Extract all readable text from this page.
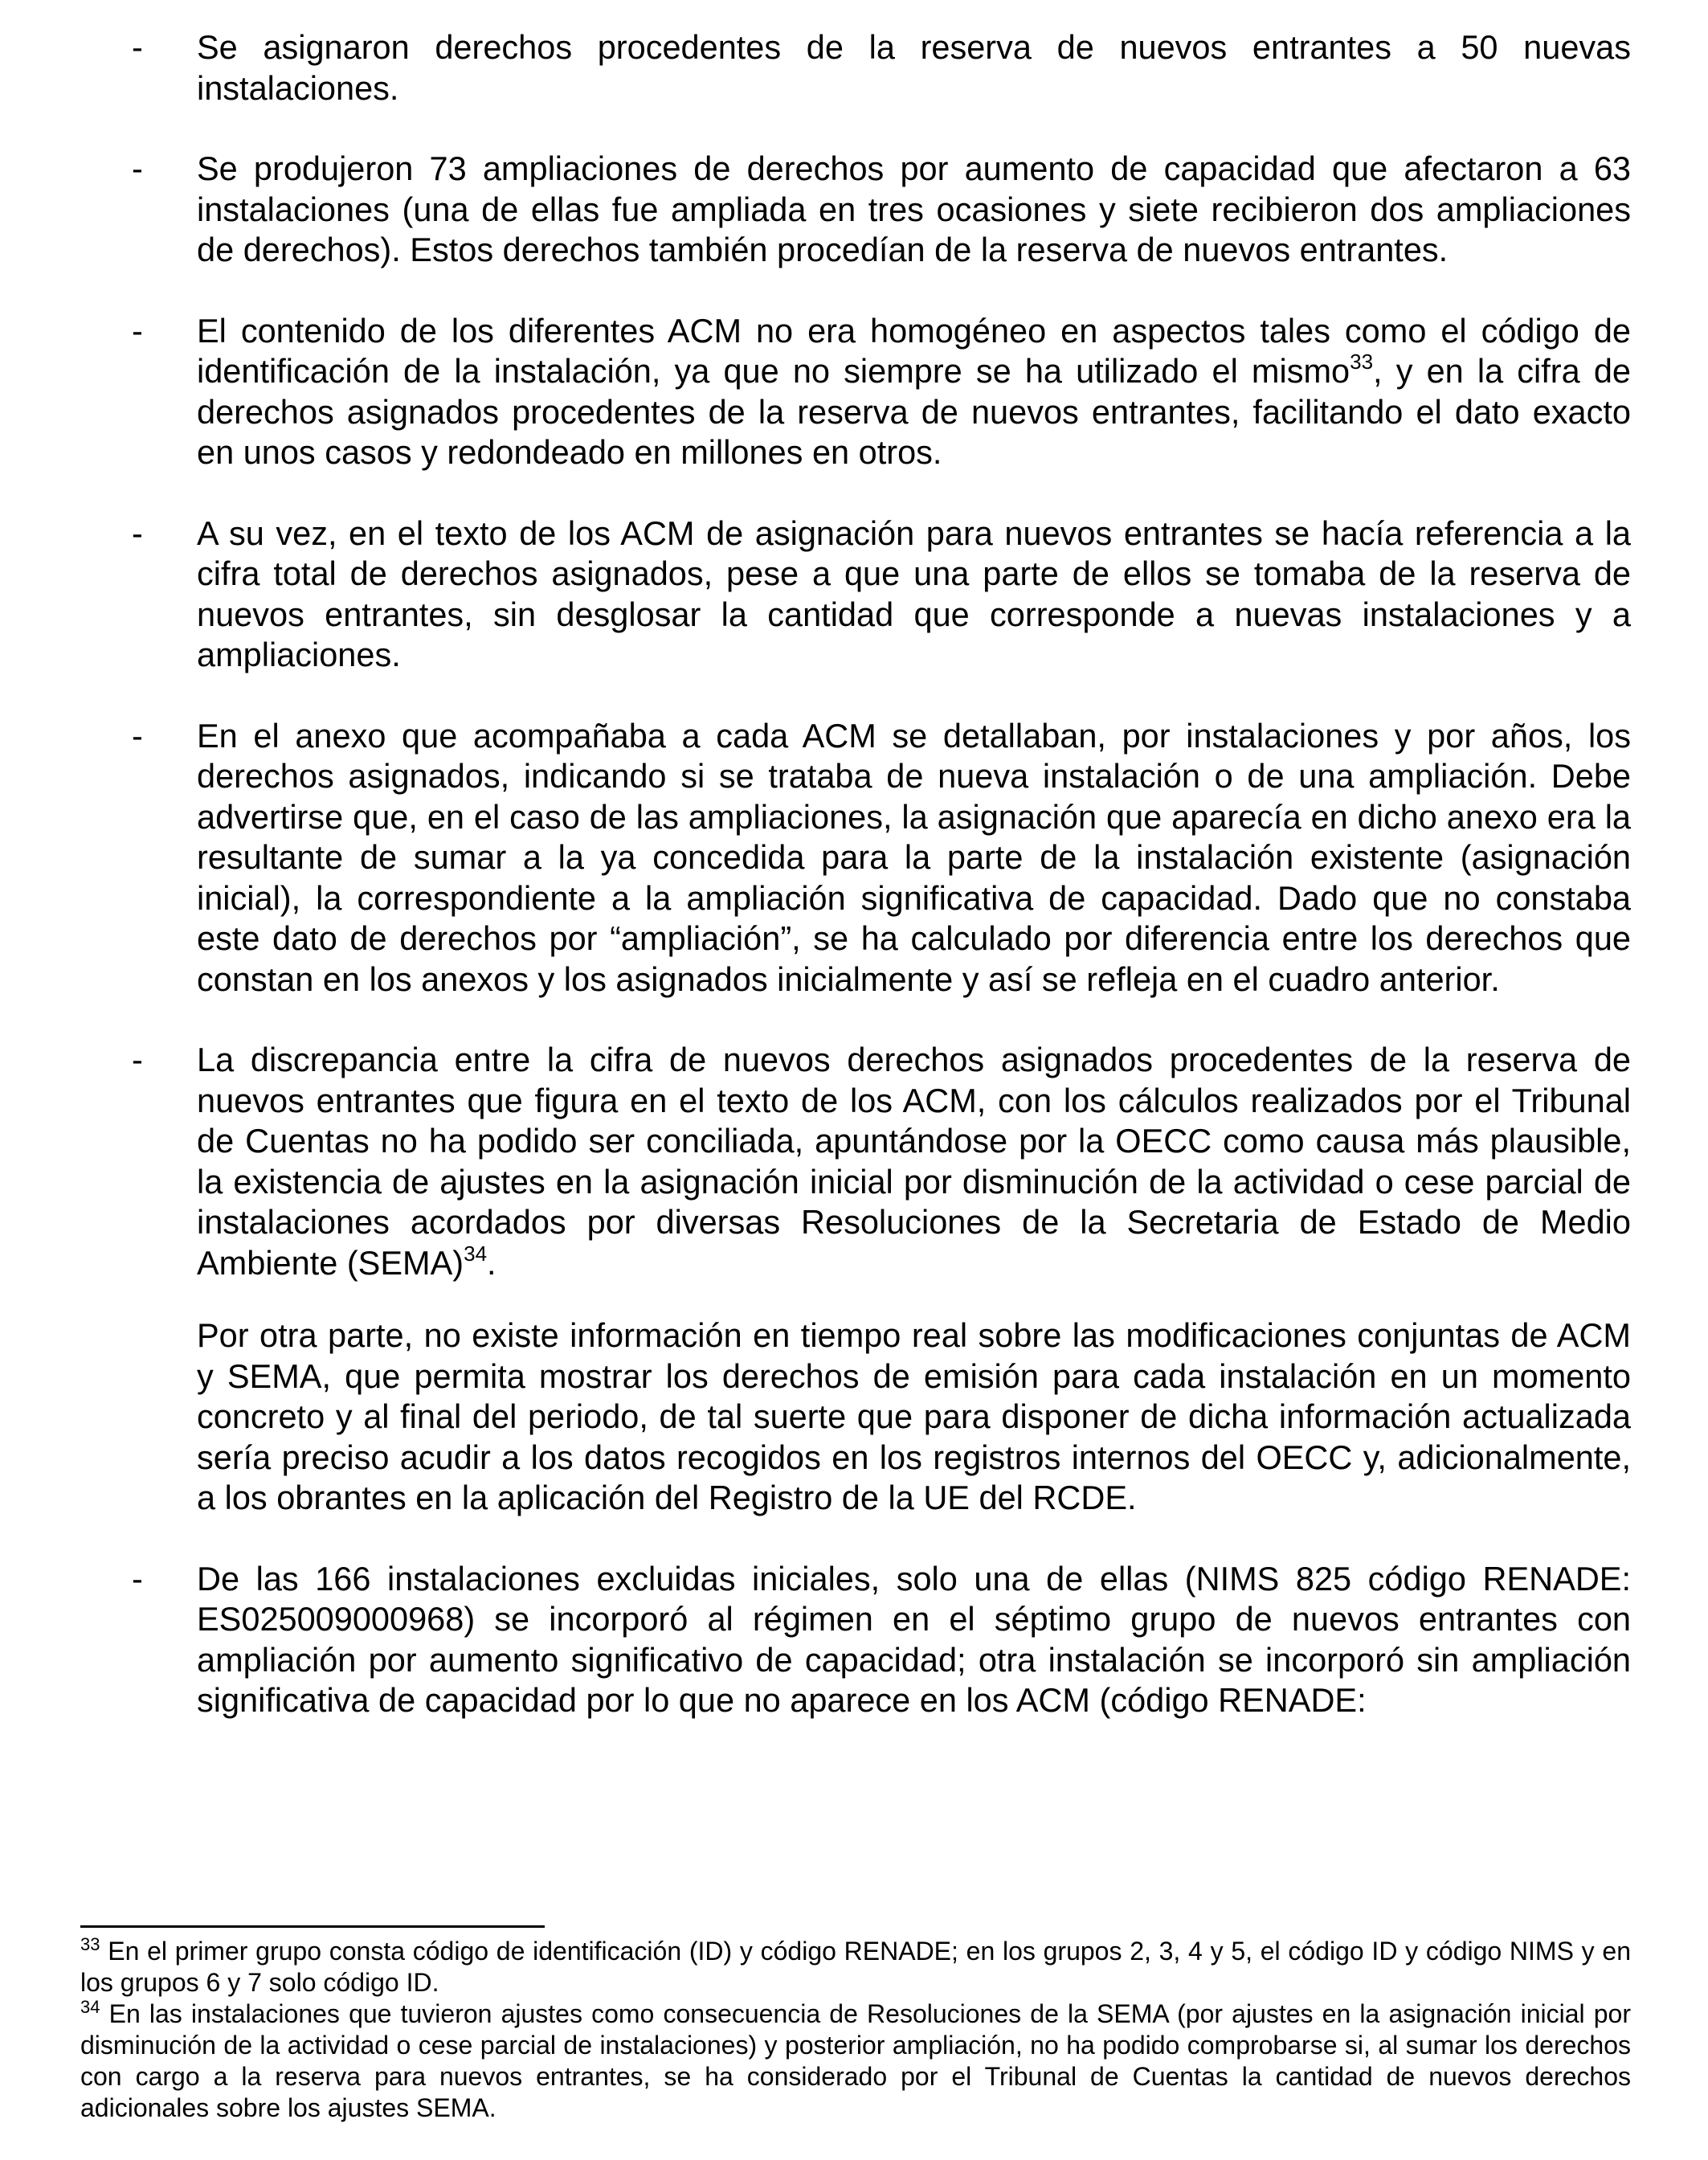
- Se asignaron derechos procedentes de la reserva de nuevos entrantes a 50 nuevas instalaciones.

- Se produjeron 73 ampliaciones de derechos por aumento de capacidad que afectaron a 63 instalaciones (una de ellas fue ampliada en tres ocasiones y siete recibieron dos ampliaciones de derechos). Estos derechos también procedían de la reserva de nuevos entrantes.

- El contenido de los diferentes ACM no era homogéneo en aspectos tales como el código de identificación de la instalación, ya que no siempre se ha utilizado el mismo$^{33}$, y en la cifra de derechos asignados procedentes de la reserva de nuevos entrantes, facilitando el dato exacto en unos casos y redondeado en millones en otros.

- A su vez, en el texto de los ACM de asignación para nuevos entrantes se hacía referencia a la cifra total de derechos asignados, pese a que una parte de ellos se tomaba de la reserva de nuevos entrantes, sin desglosar la cantidad que corresponde a nuevas instalaciones y a ampliaciones.

- En el anexo que acompañaba a cada ACM se detallaban, por instalaciones y por años, los derechos asignados, indicando si se trataba de nueva instalación o de una ampliación. Debe advertirse que, en el caso de las ampliaciones, la asignación que aparecía en dicho anexo era la resultante de sumar a la ya concedida para la parte de la instalación existente (asignación inicial), la correspondiente a la ampliación significativa de capacidad. Dado que no constaba este dato de derechos por “ampliación”, se ha calculado por diferencia entre los derechos que constan en los anexos y los asignados inicialmente y así se refleja en el cuadro anterior.

- La discrepancia entre la cifra de nuevos derechos asignados procedentes de la reserva de nuevos entrantes que figura en el texto de los ACM, con los cálculos realizados por el Tribunal de Cuentas no ha podido ser conciliada, apuntándose por la OECC como causa más plausible, la existencia de ajustes en la asignación inicial por disminución de la actividad o cese parcial de instalaciones acordados por diversas Resoluciones de la Secretaria de Estado de Medio Ambiente (SEMA)$^{34}$.

Por otra parte, no existe información en tiempo real sobre las modificaciones conjuntas de ACM y SEMA, que permita mostrar los derechos de emisión para cada instalación en un momento concreto y al final del periodo, de tal suerte que para disponer de dicha información actualizada sería preciso acudir a los datos recogidos en los registros internos del OECC y, adicionalmente, a los obrantes en la aplicación del Registro de la UE del RCDE.

- De las 166 instalaciones excluidas iniciales, solo una de ellas (NIMS 825 código RENADE: ES025009000968) se incorporó al régimen en el séptimo grupo de nuevos entrantes con ampliación por aumento significativo de capacidad; otra instalación se incorporó sin ampliación significativa de capacidad por lo que no aparece en los ACM (código RENADE:

$^{33}$ En el primer grupo consta código de identificación (ID) y código RENADE; en los grupos 2, 3, 4 y 5, el código ID y código NIMS y en los grupos 6 y 7 solo código ID.

$^{34}$ En las instalaciones que tuvieron ajustes como consecuencia de Resoluciones de la SEMA (por ajustes en la asignación inicial por disminución de la actividad o cese parcial de instalaciones) y posterior ampliación, no ha podido comprobarse si, al sumar los derechos con cargo a la reserva para nuevos entrantes, se ha considerado por el Tribunal de Cuentas la cantidad de nuevos derechos adicionales sobre los ajustes SEMA.
